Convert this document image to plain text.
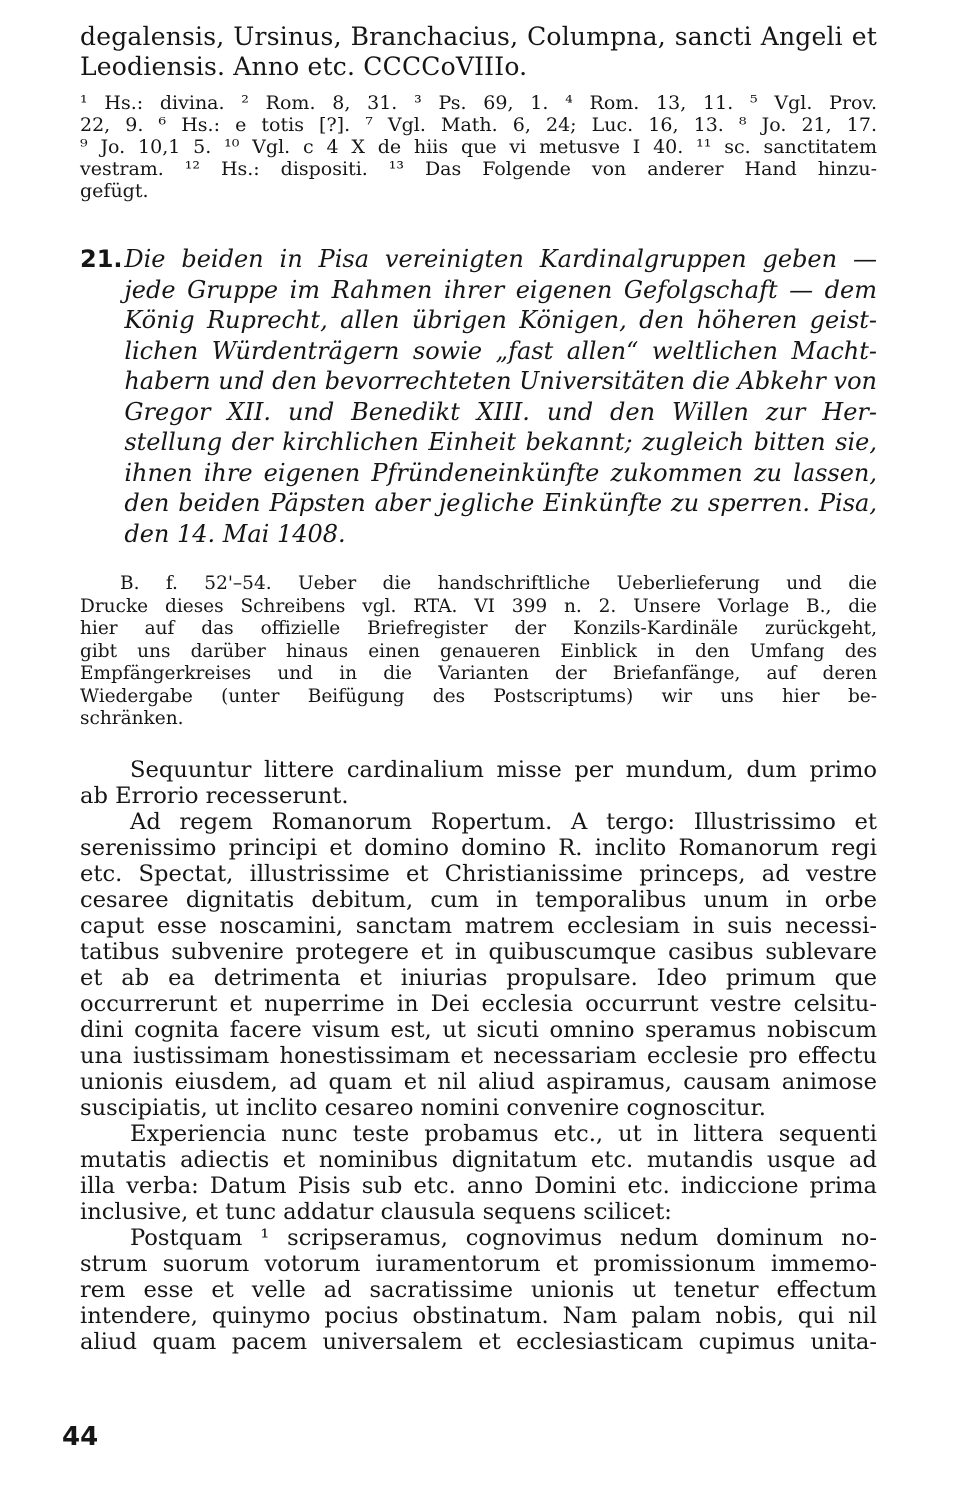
degalensis, Ursinus, Branchacius, Columpna, sancti Angeli et
Leodiensis. Anno etc. CCCCoVIIIo.
¹ Hs.: divina. ² Rom. 8, 31. ³ Ps. 69, 1. ⁴ Rom. 13, 11. ⁵ Vgl. Prov.
22, 9. ⁶ Hs.: e totis [?]. ⁷ Vgl. Math. 6, 24; Luc. 16, 13. ⁸ Jo. 21, 17.
⁹ Jo. 10,1 5. ¹⁰ Vgl. c 4 X de hiis que vi metusve I 40. ¹¹ sc. sanctitatem
vestram. ¹² Hs.: dispositi. ¹³ Das Folgende von anderer Hand hinzu-
gefügt.
21. Die beiden in Pisa vereinigten Kardinalgruppen geben —
jede Gruppe im Rahmen ihrer eigenen Gefolgschaft — dem
König Ruprecht, allen übrigen Königen, den höheren geist-
lichen Würdenträgern sowie „fast allen“ weltlichen Macht-
habern und den bevorrechteten Universitäten die Abkehr von
Gregor XII. und Benedikt XIII. und den Willen zur Her-
stellung der kirchlichen Einheit bekannt; zugleich bitten sie,
ihnen ihre eigenen Pfründeneinkünfte zukommen zu lassen,
den beiden Päpsten aber jegliche Einkünfte zu sperren. Pisa,
den 14. Mai 1408.
B. f. 52'–54. Ueber die handschriftliche Ueberlieferung und die
Drucke dieses Schreibens vgl. RTA. VI 399 n. 2. Unsere Vorlage B., die
hier auf das offizielle Briefregister der Konzils-Kardinäle zurückgeht,
gibt uns darüber hinaus einen genaueren Einblick in den Umfang des
Empfängerkreises und in die Varianten der Briefanfänge, auf deren
Wiedergabe (unter Beifügung des Postscriptums) wir uns hier be-
schränken.
Sequuntur littere cardinalium misse per mundum, dum primo
ab Errorio recesserunt.
Ad regem Romanorum Ropertum. A tergo: Illustrissimo et
serenissimo principi et domino domino R. inclito Romanorum regi
etc. Spectat, illustrissime et Christianissime princeps, ad vestre
cesaree dignitatis debitum, cum in temporalibus unum in orbe
caput esse noscamini, sanctam matrem ecclesiam in suis necessi-
tatibus subvenire protegere et in quibuscumque casibus sublevare
et ab ea detrimenta et iniurias propulsare. Ideo primum que
occurrerunt et nuperrime in Dei ecclesia occurrunt vestre celsitu-
dini cognita facere visum est, ut sicuti omnino speramus nobiscum
una iustissimam honestissimam et necessariam ecclesie pro effectu
unionis eiusdem, ad quam et nil aliud aspiramus, causam animose
suscipiatis, ut inclito cesareo nomini convenire cognoscitur.
Experiencia nunc teste probamus etc., ut in littera sequenti
mutatis adiectis et nominibus dignitatum etc. mutandis usque ad
illa verba: Datum Pisis sub etc. anno Domini etc. indiccione prima
inclusive, et tunc addatur clausula sequens scilicet:
Postquam ¹ scripseramus, cognovimus nedum dominum no-
strum suorum votorum iuramentorum et promissionum immemo-
rem esse et velle ad sacratissime unionis ut tenetur effectum
intendere, quinymo pocius obstinatum. Nam palam nobis, qui nil
aliud quam pacem universalem et ecclesiasticam cupimus unita-
44
